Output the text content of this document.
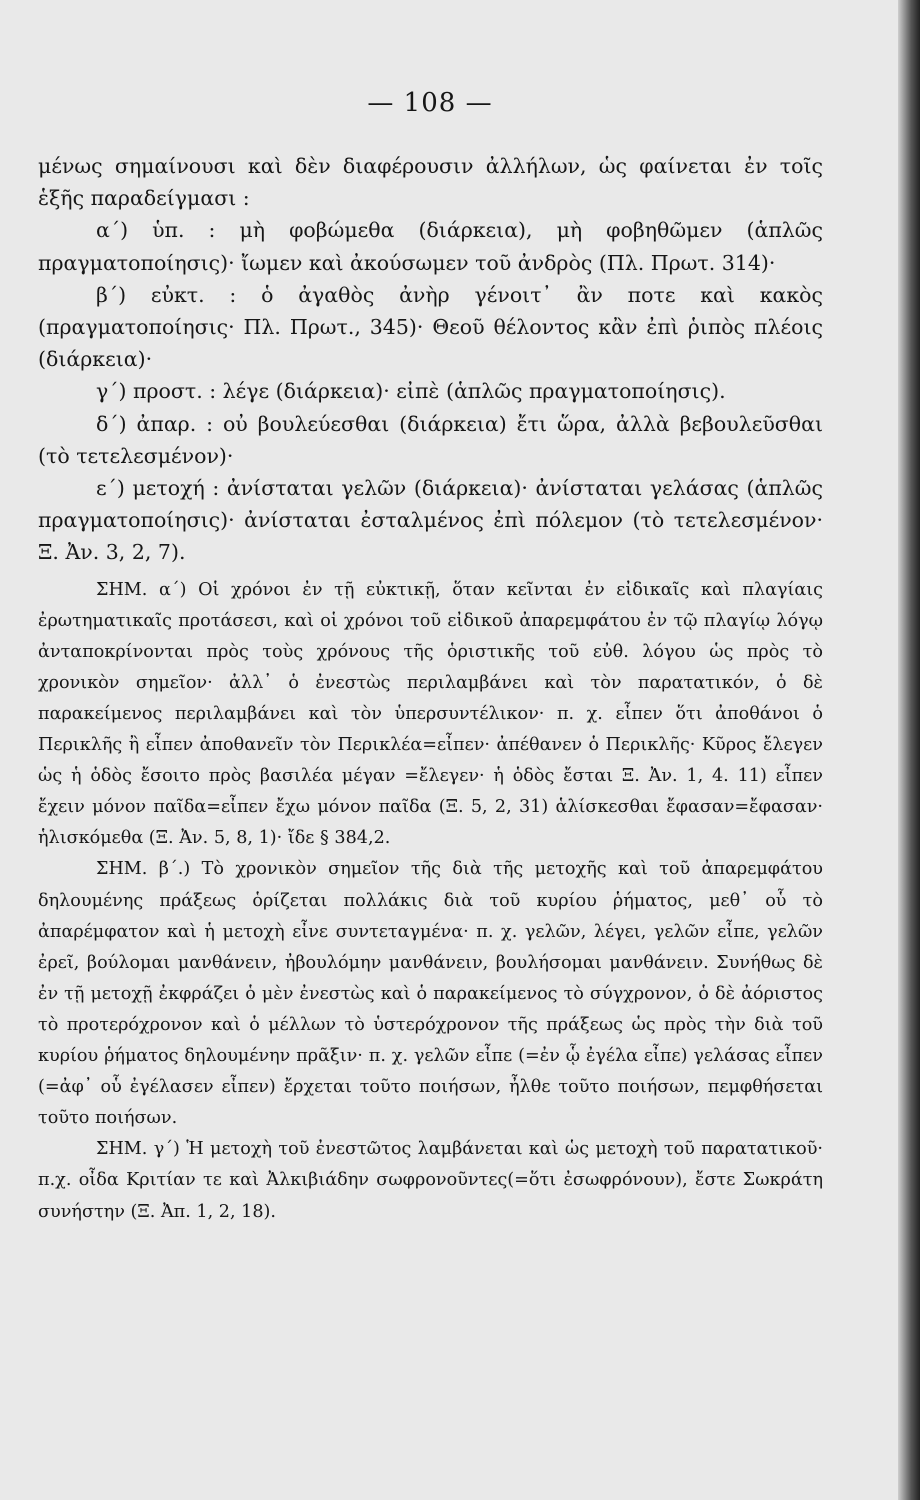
— 108 —

μένως σημαίνουσι καὶ δὲν διαφέρουσιν ἀλλήλων, ὡς φαίνεται ἐν τοῖς ἑξῆς παραδείγμασι :

α΄) ὑπ. : μὴ φοβώμεθα (διάρκεια), μὴ φοβηθῶμεν (ἁπλῶς πραγματοποίησις)· ἴωμεν καὶ ἀκούσωμεν τοῦ ἀνδρὸς (Πλ. Πρωτ. 314)·

β΄) εὐκτ. : ὁ ἀγαθὸς ἀνὴρ γένοιτ᾽ ἂν ποτε καὶ κακὸς (πραγματοποίησις· Πλ. Πρωτ., 345)· Θεοῦ θέλοντος κἂν ἐπὶ ῥιπὸς πλέοις (διάρκεια)·

γ΄) προστ. : λέγε (διάρκεια)· εἰπὲ (ἁπλῶς πραγματοποίησις).

δ΄) ἀπαρ. : οὐ βουλεύεσθαι (διάρκεια) ἔτι ὥρα, ἀλλὰ βεβουλεῦσθαι (τὸ τετελεσμένον)·

ε΄) μετοχή : ἀνίσταται γελῶν (διάρκεια)· ἀνίσταται γελάσας (ἁπλῶς πραγματοποίησις)· ἀνίσταται ἐσταλμένος ἐπὶ πόλεμον (τὸ τετελεσμένον· Ξ. Ἀν. 3, 2, 7).

ΣΗΜ. α΄) Οἱ χρόνοι ἐν τῇ εὐκτικῇ, ὅταν κεῖνται ἐν εἰδικαῖς καὶ πλαγίαις ἐρωτηματικαῖς προτάσεσι, καὶ οἱ χρόνοι τοῦ εἰδικοῦ ἀπαρεμφάτου ἐν τῷ πλαγίῳ λόγῳ ἀνταποκρίνονται πρὸς τοὺς χρόνους τῆς ὁριστικῆς τοῦ εὐθ. λόγου ὡς πρὸς τὸ χρονικὸν σημεῖον· ἀλλ᾽ ὁ ἐνεστὼς περιλαμβάνει καὶ τὸν παρατατικόν, ὁ δὲ παρακείμενος περιλαμβάνει καὶ τὸν ὑπερσυντέλικον· π. χ. εἶπεν ὅτι ἀποθάνοι ὁ Περικλῆς ἢ εἶπεν ἀποθανεῖν τὸν Περικλέα=εἶπεν· ἀπέθανεν ὁ Περικλῆς· Κῦρος ἔλεγεν ὡς ἡ ὁδὸς ἔσοιτο πρὸς βασιλέα μέγαν =ἔλεγεν· ἡ ὁδὸς ἔσται Ξ. Ἀν. 1, 4. 11) εἶπεν ἔχειν μόνον παῖδα=εἶπεν ἔχω μόνον παῖδα (Ξ. 5, 2, 31) ἁλίσκεσθαι ἔφασαν=ἔφασαν· ἡλισκόμεθα (Ξ. Ἀν. 5, 8, 1)· ἴδε § 384,2.

ΣΗΜ. β΄.) Τὸ χρονικὸν σημεῖον τῆς διὰ τῆς μετοχῆς καὶ τοῦ ἀπαρεμφάτου δηλουμένης πράξεως ὁρίζεται πολλάκις διὰ τοῦ κυρίου ῥήματος, μεθ᾽ οὗ τὸ ἀπαρέμφατον καὶ ἡ μετοχὴ εἶνε συντεταγμένα· π. χ. γελῶν, λέγει, γελῶν εἶπε, γελῶν ἐρεῖ, βούλομαι μανθάνειν, ἠβουλόμην μανθάνειν, βουλήσομαι μανθάνειν. Συνήθως δὲ ἐν τῇ μετοχῇ ἐκφράζει ὁ μὲν ἐνεστὼς καὶ ὁ παρακείμενος τὸ σύγχρονον, ὁ δὲ ἀόριστος τὸ προτερόχρονον καὶ ὁ μέλλων τὸ ὑστερόχρονον τῆς πράξεως ὡς πρὸς τὴν διὰ τοῦ κυρίου ῥήματος δηλουμένην πρᾶξιν· π. χ. γελῶν εἶπε (=ἐν ᾧ ἐγέλα εἶπε) γελάσας εἶπεν (=ἀφ᾽ οὗ ἐγέλασεν εἶπεν) ἔρχεται τοῦτο ποιήσων, ἦλθε τοῦτο ποιήσων, πεμφθήσεται τοῦτο ποιήσων.

ΣΗΜ. γ΄) Ἡ μετοχὴ τοῦ ἐνεστῶτος λαμβάνεται καὶ ὡς μετοχὴ τοῦ παρατατικοῦ· π.χ. οἶδα Κριτίαν τε καὶ Ἀλκιβιάδην σωφρονοῦντες(=ὅτι ἐσωφρόνουν), ἔστε Σωκράτη συνήστην (Ξ. Ἀπ. 1, 2, 18).
